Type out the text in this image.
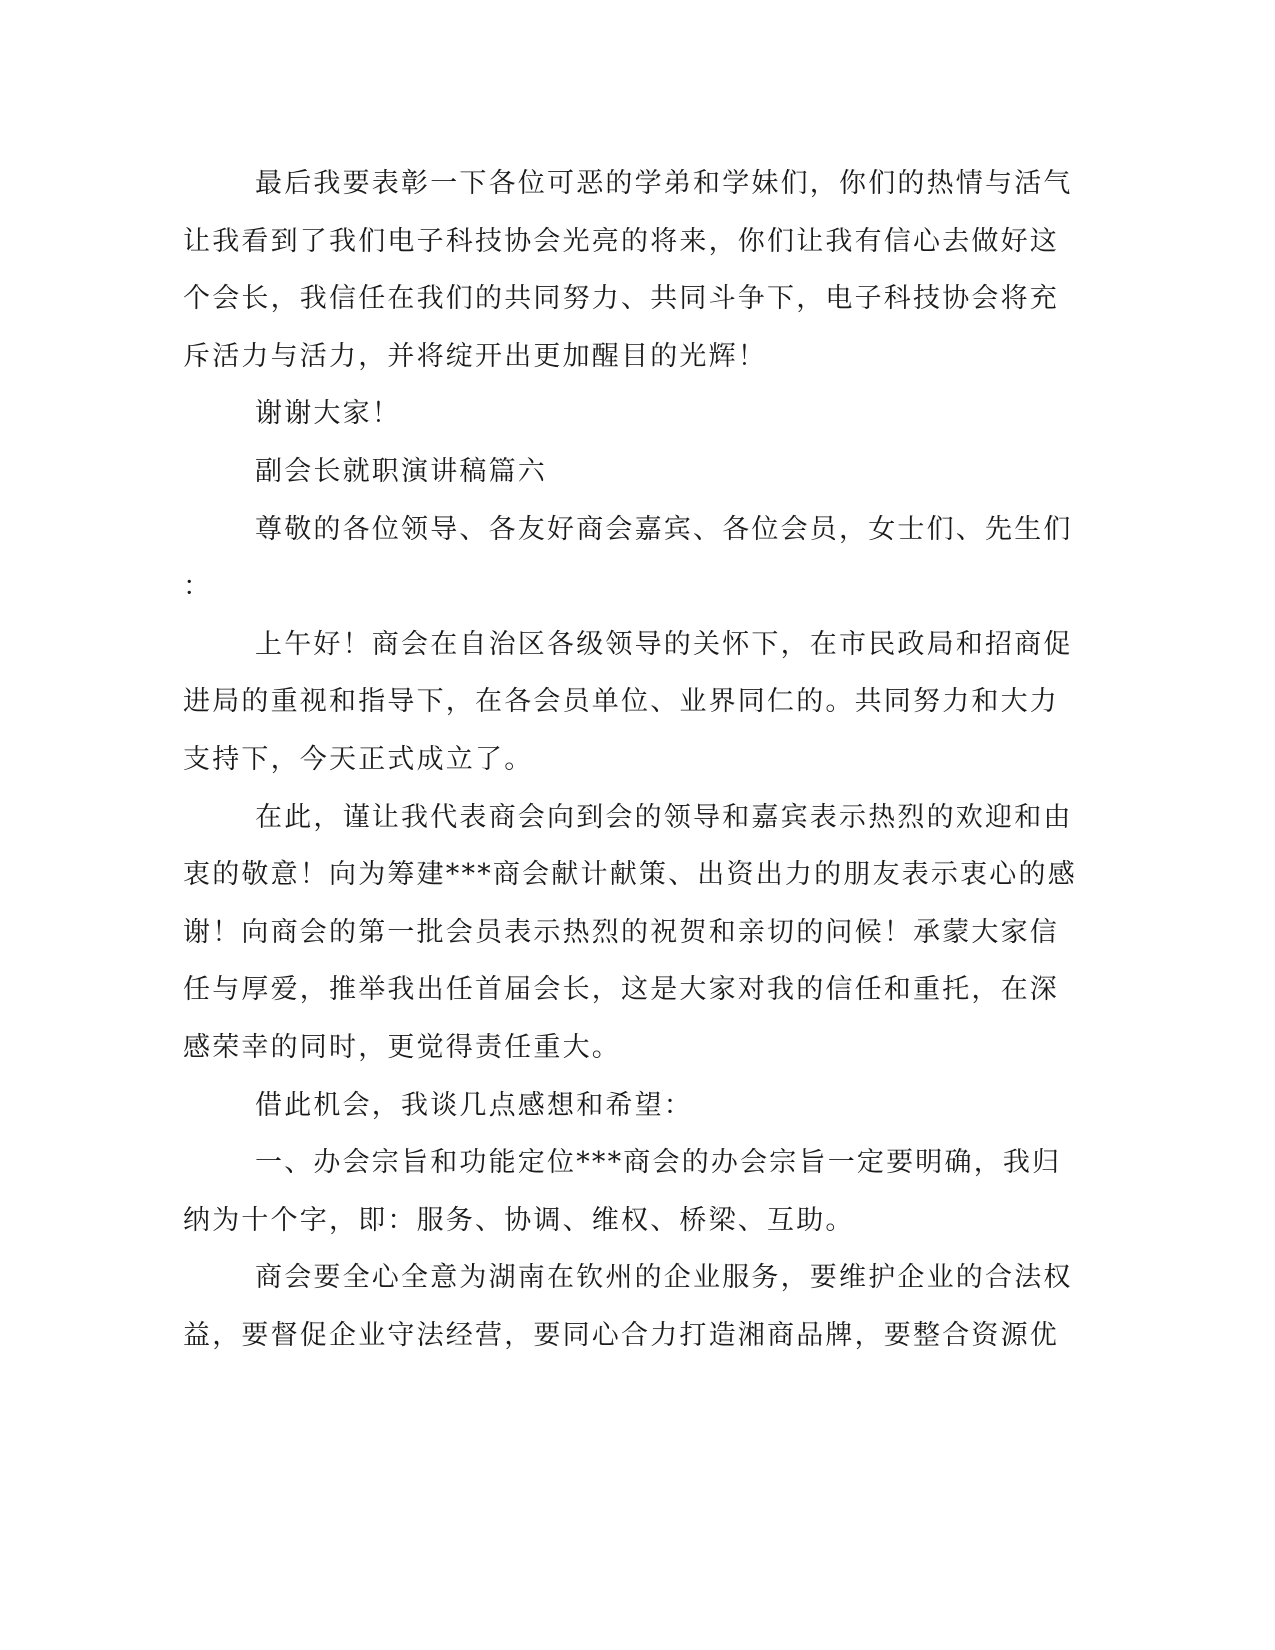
最后我要表彰一下各位可恶的学弟和学妹们，你们的热情与活气
让我看到了我们电子科技协会光亮的将来，你们让我有信心去做好这
个会长，我信任在我们的共同努力、共同斗争下，电子科技协会将充
斥活力与活力，并将绽开出更加醒目的光辉！
谢谢大家！
副会长就职演讲稿篇六
尊敬的各位领导、各友好商会嘉宾、各位会员，女士们、先生们
：
上午好！商会在自治区各级领导的关怀下，在市民政局和招商促
进局的重视和指导下，在各会员单位、业界同仁的。共同努力和大力
支持下，今天正式成立了。
在此，谨让我代表商会向到会的领导和嘉宾表示热烈的欢迎和由
衷的敬意！向为筹建***商会献计献策、出资出力的朋友表示衷心的感
谢！向商会的第一批会员表示热烈的祝贺和亲切的问候！承蒙大家信
任与厚爱，推举我出任首届会长，这是大家对我的信任和重托，在深
感荣幸的同时，更觉得责任重大。
借此机会，我谈几点感想和希望：
一、办会宗旨和功能定位***商会的办会宗旨一定要明确，我归
纳为十个字，即：服务、协调、维权、桥梁、互助。
商会要全心全意为湖南在钦州的企业服务，要维护企业的合法权
益，要督促企业守法经营，要同心合力打造湘商品牌，要整合资源优
